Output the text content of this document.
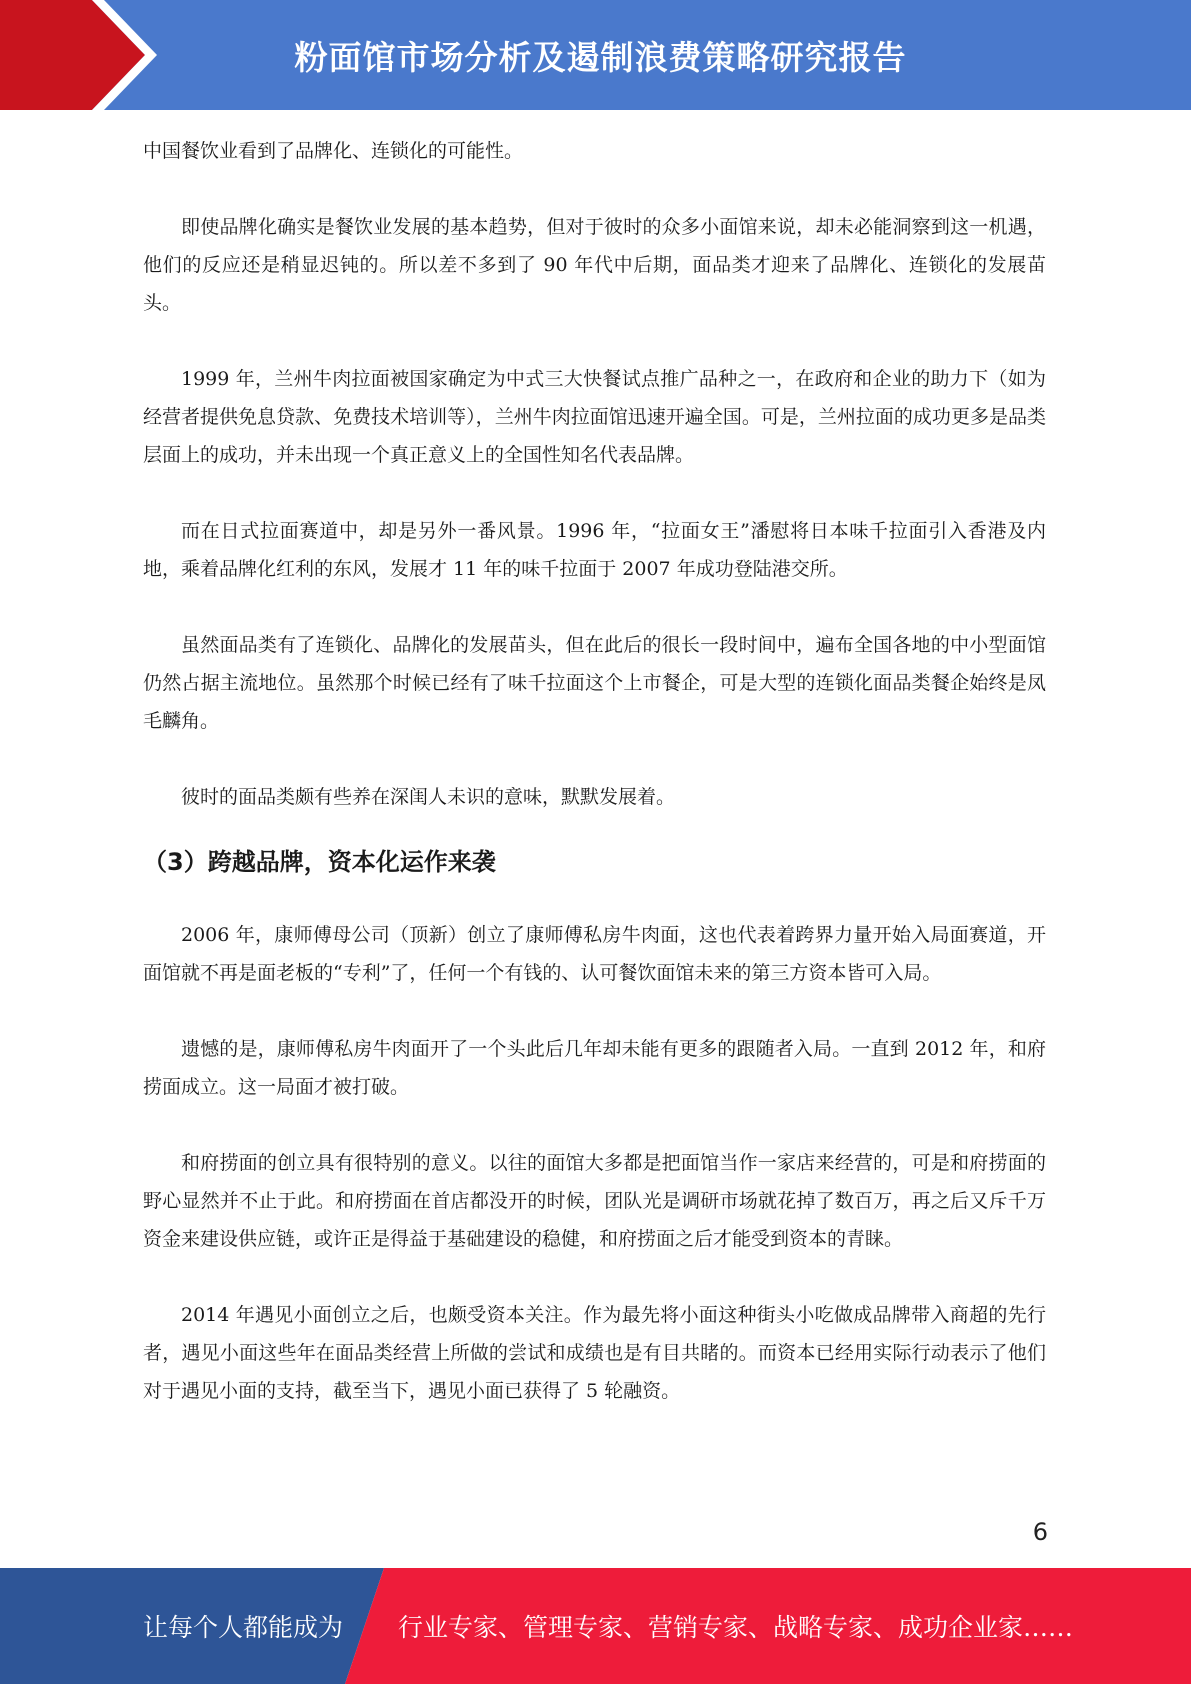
粉面馆市场分析及遏制浪费策略研究报告

中国餐饮业看到了品牌化、连锁化的可能性。

即使品牌化确实是餐饮业发展的基本趋势，但对于彼时的众多小面馆来说，却未必能洞察到这一机遇，他们的反应还是稍显迟钝的。所以差不多到了 90 年代中后期，面品类才迎来了品牌化、连锁化的发展苗头。

1999 年，兰州牛肉拉面被国家确定为中式三大快餐试点推广品种之一，在政府和企业的助力下（如为经营者提供免息贷款、免费技术培训等），兰州牛肉拉面馆迅速开遍全国。可是，兰州拉面的成功更多是品类层面上的成功，并未出现一个真正意义上的全国性知名代表品牌。

而在日式拉面赛道中，却是另外一番风景。1996 年，“拉面女王”潘慰将日本味千拉面引入香港及内地，乘着品牌化红利的东风，发展才 11 年的味千拉面于 2007 年成功登陆港交所。

虽然面品类有了连锁化、品牌化的发展苗头，但在此后的很长一段时间中，遍布全国各地的中小型面馆仍然占据主流地位。虽然那个时候已经有了味千拉面这个上市餐企，可是大型的连锁化面品类餐企始终是凤毛麟角。

彼时的面品类颇有些养在深闺人未识的意味，默默发展着。

（3）跨越品牌，资本化运作来袭

2006 年，康师傅母公司（顶新）创立了康师傅私房牛肉面，这也代表着跨界力量开始入局面赛道，开面馆就不再是面老板的“专利”了，任何一个有钱的、认可餐饮面馆未来的第三方资本皆可入局。

遗憾的是，康师傅私房牛肉面开了一个头此后几年却未能有更多的跟随者入局。一直到 2012 年，和府捞面成立。这一局面才被打破。

和府捞面的创立具有很特别的意义。以往的面馆大多都是把面馆当作一家店来经营的，可是和府捞面的野心显然并不止于此。和府捞面在首店都没开的时候，团队光是调研市场就花掉了数百万，再之后又斥千万资金来建设供应链，或许正是得益于基础建设的稳健，和府捞面之后才能受到资本的青睐。

2014 年遇见小面创立之后，也颇受资本关注。作为最先将小面这种街头小吃做成品牌带入商超的先行者，遇见小面这些年在面品类经营上所做的尝试和成绩也是有目共睹的。而资本已经用实际行动表示了他们对于遇见小面的支持，截至当下，遇见小面已获得了 5 轮融资。

6
让每个人都能成为 行业专家、管理专家、营销专家、战略专家、成功企业家……
